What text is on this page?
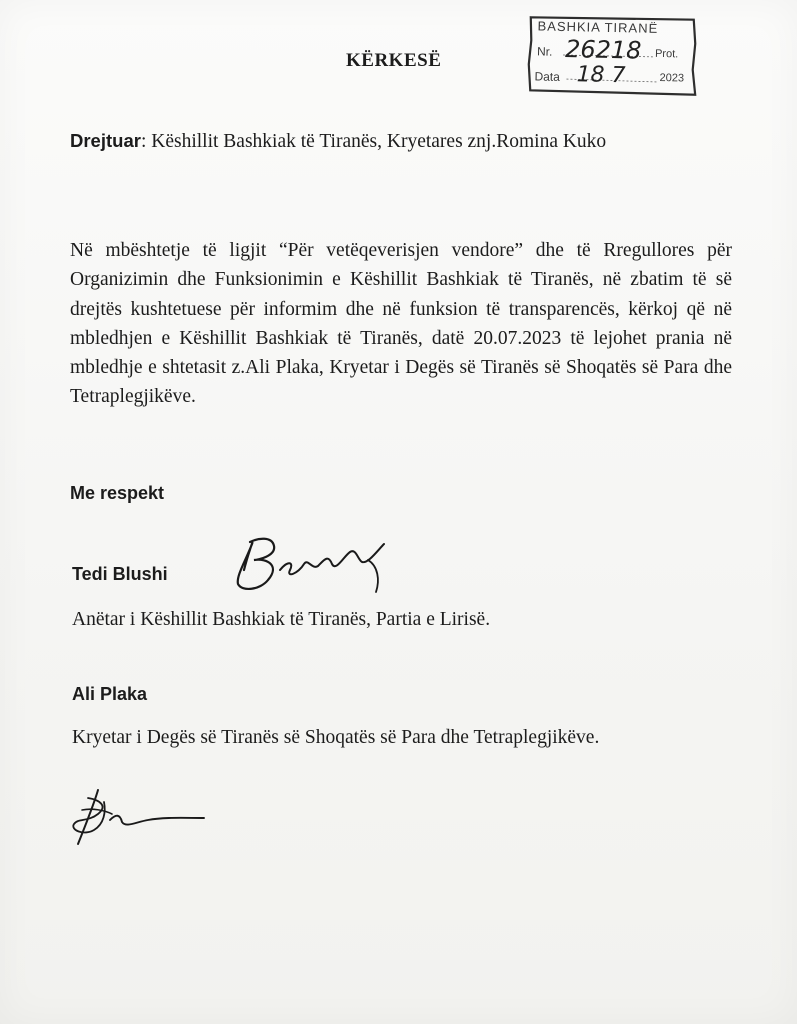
KËRKESË
BASHKIA TIRANË
Nr. 26218 Prot.
Data 18 7	2023
Drejtuar: Këshillit Bashkiak të Tiranës, Kryetares znj.Romina Kuko
Në mbështetje të ligjit “Për vetëqeverisjen vendore” dhe të Rregullores për Organizimin dhe Funksionimin e Këshillit Bashkiak të Tiranës, në zbatim të së drejtës kushtetuese për informim dhe në funksion të transparencës, kërkoj që në mbledhjen e Këshillit Bashkiak të Tiranës, datë 20.07.2023 të lejohet prania në mbledhje e shtetasit z.Ali Plaka, Kryetar i Degës së Tiranës së Shoqatës së Para dhe Tetraplegjikëve.
Me respekt
Tedi Blushi
Anëtar i Këshillit Bashkiak të Tiranës, Partia e Lirisë.
Ali Plaka
Kryetar i Degës së Tiranës së Shoqatës së Para dhe Tetraplegjikëve.
